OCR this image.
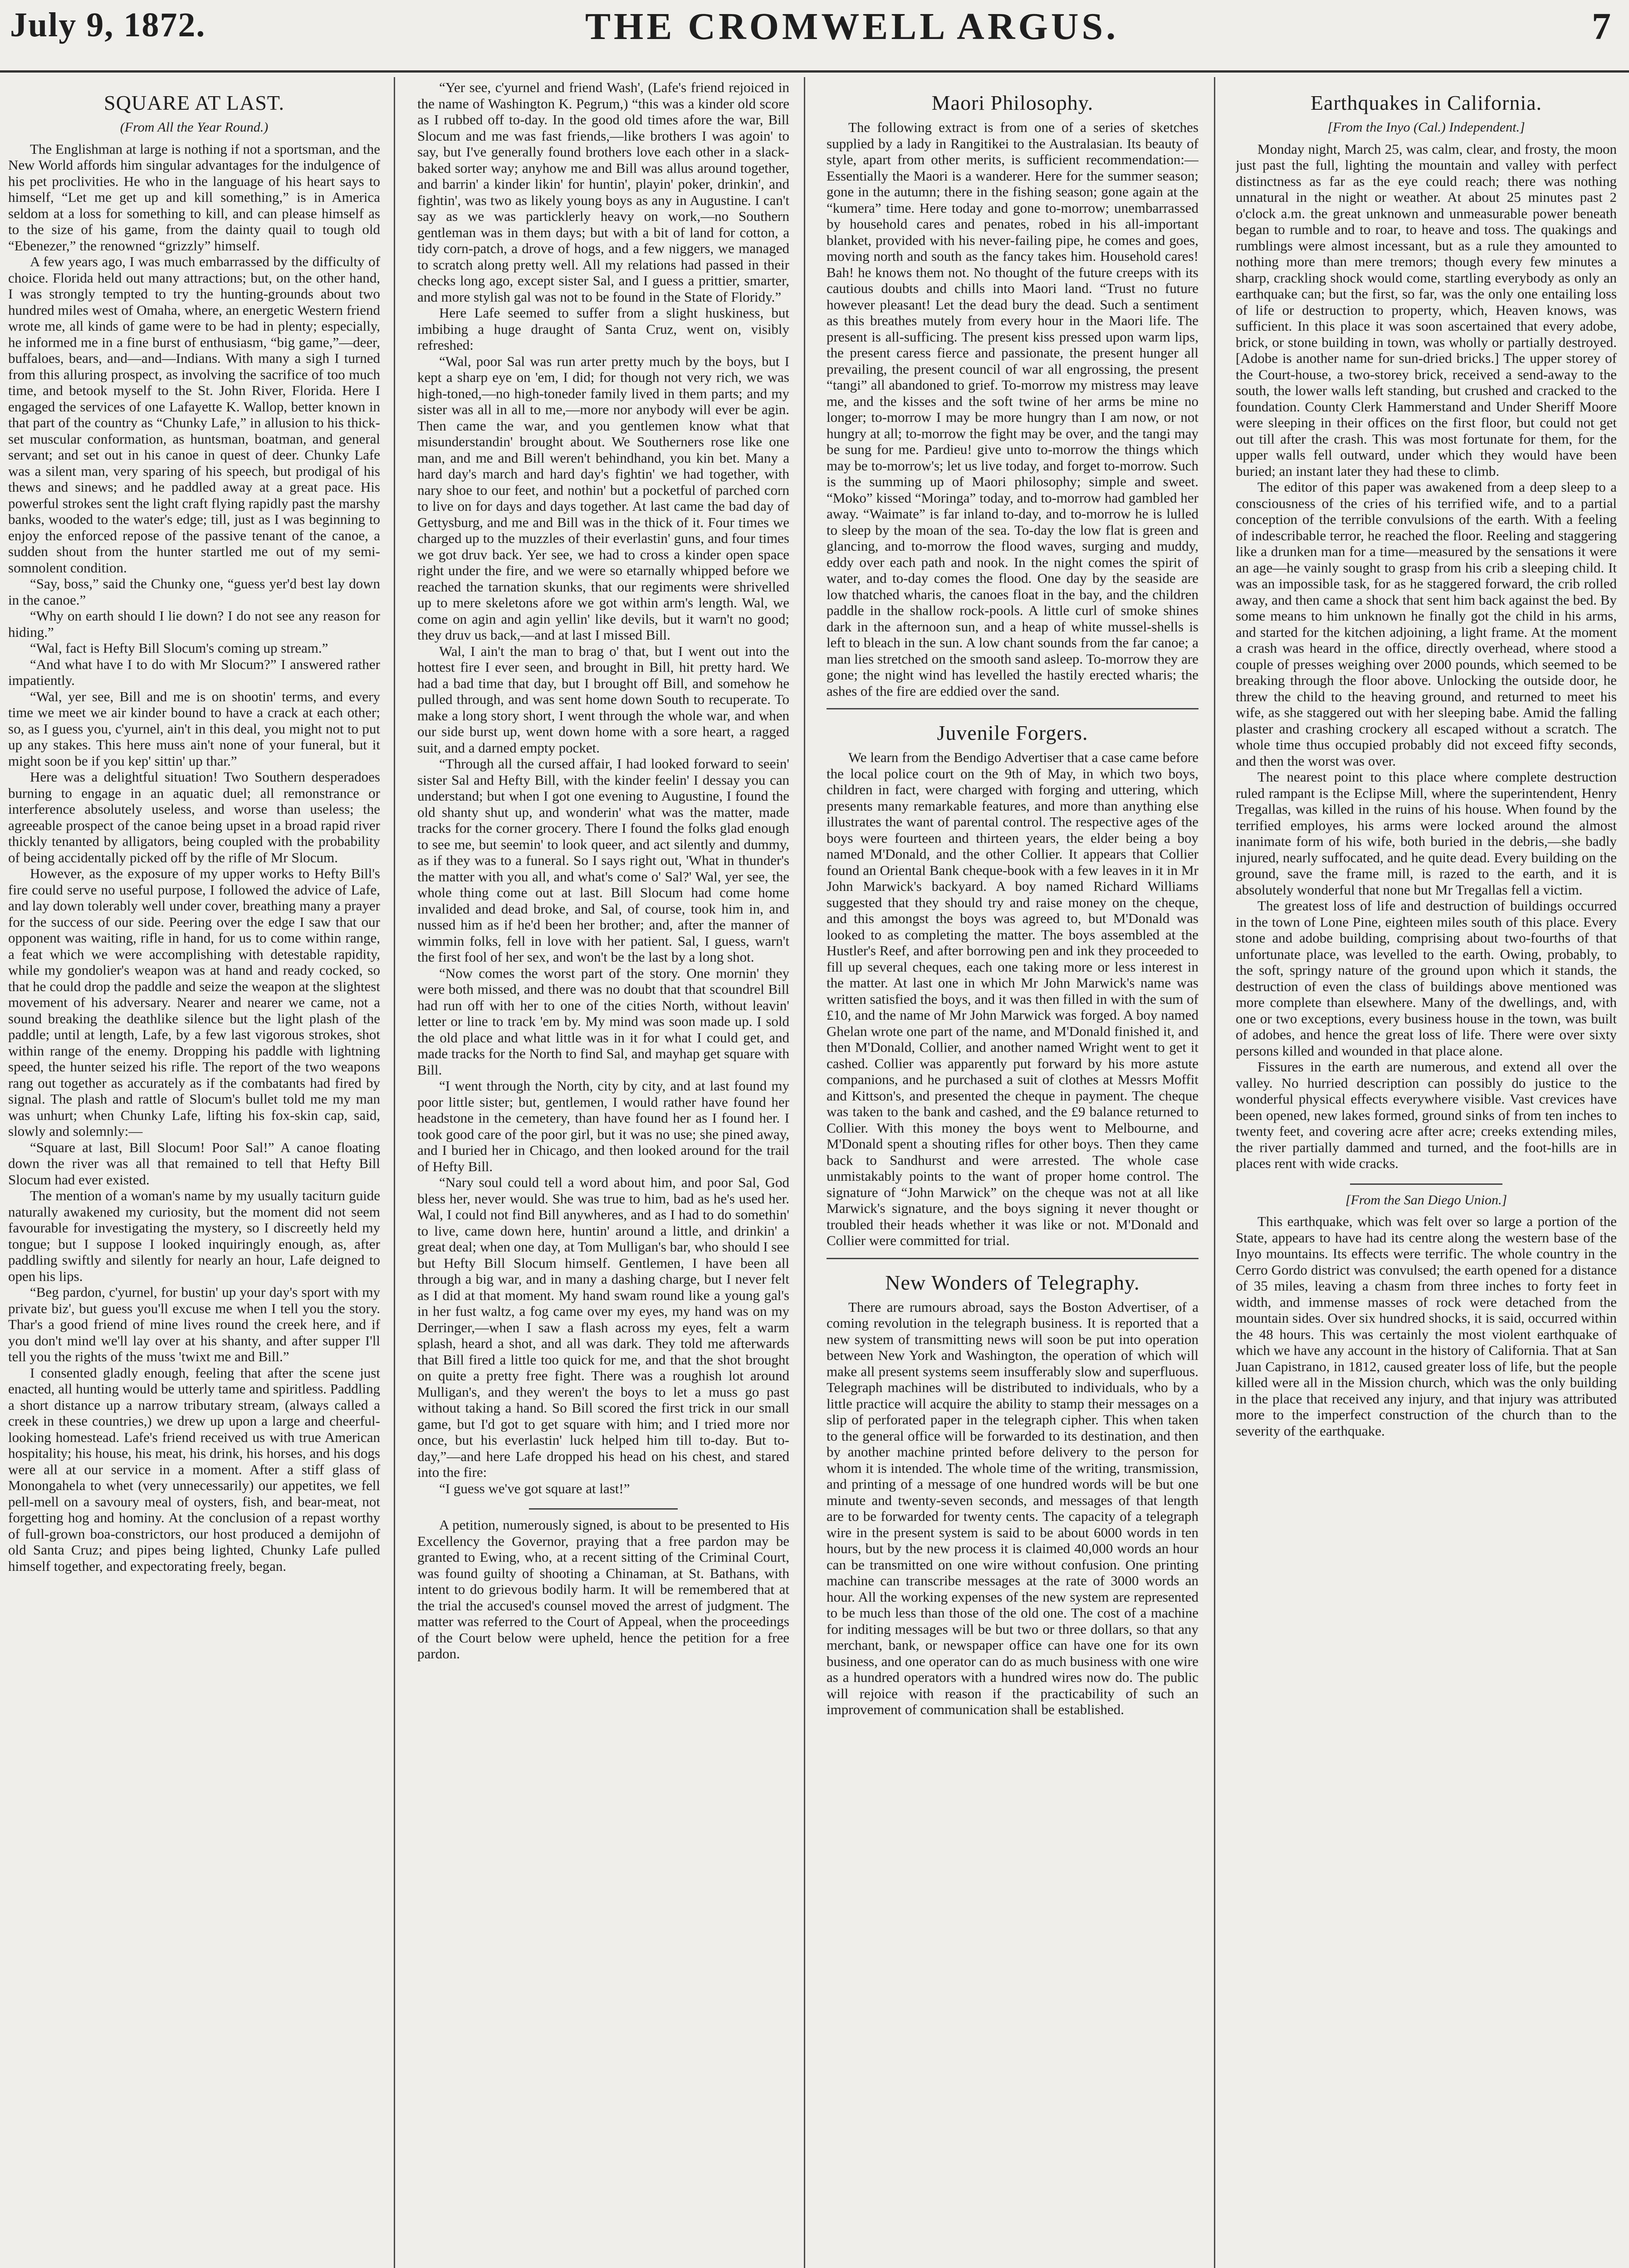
July 9, 1872.	THE CROMWELL ARGUS.	7
SQUARE AT LAST.
(From All the Year Round.)

The Englishman at large is nothing if not a sportsman, and the New World affords him singular advantages for the indulgence of his pet proclivities. He who in the language of his heart says to himself, “Let me get up and kill something,” is in America seldom at a loss for something to kill, and can please himself as to the size of his game, from the dainty quail to tough old “Ebenezer,” the renowned “grizzly” himself.

A few years ago, I was much embarrassed by the difficulty of choice. Florida held out many attractions; but, on the other hand, I was strongly tempted to try the hunting-grounds about two hundred miles west of Omaha, where, an energetic Western friend wrote me, all kinds of game were to be had in plenty; especially, he informed me in a fine burst of enthusiasm, “big game,”—deer, buffaloes, bears, and—and—Indians. With many a sigh I turned from this alluring prospect, as involving the sacrifice of too much time, and betook myself to the St. John River, Florida. Here I engaged the services of one Lafayette K. Wallop, better known in that part of the country as “Chunky Lafe,” in allusion to his thick-set muscular conformation, as huntsman, boatman, and general servant; and set out in his canoe in quest of deer. Chunky Lafe was a silent man, very sparing of his speech, but prodigal of his thews and sinews; and he paddled away at a great pace. His powerful strokes sent the light craft flying rapidly past the marshy banks, wooded to the water's edge; till, just as I was beginning to enjoy the enforced repose of the passive tenant of the canoe, a sudden shout from the hunter startled me out of my semi-somnolent condition.

“Say, boss,” said the Chunky one, “guess yer'd best lay down in the canoe.”

“Why on earth should I lie down? I do not see any reason for hiding.”

“Wal, fact is Hefty Bill Slocum's coming up stream.”

“And what have I to do with Mr Slocum?” I answered rather impatiently.

“Wal, yer see, Bill and me is on shootin' terms, and every time we meet we air kinder bound to have a crack at each other; so, as I guess you, c'yurnel, ain't in this deal, you might not to put up any stakes. This here muss ain't none of your funeral, but it might soon be if you kep' sittin' up thar.”

Here was a delightful situation! Two Southern desperadoes burning to engage in an aquatic duel; all remonstrance or interference absolutely useless, and worse than useless; the agreeable prospect of the canoe being upset in a broad rapid river thickly tenanted by alligators, being coupled with the probability of being accidentally picked off by the rifle of Mr Slocum.

However, as the exposure of my upper works to Hefty Bill's fire could serve no useful purpose, I followed the advice of Lafe, and lay down tolerably well under cover, breathing many a prayer for the success of our side. Peering over the edge I saw that our opponent was waiting, rifle in hand, for us to come within range, a feat which we were accomplishing with detestable rapidity, while my gondolier's weapon was at hand and ready cocked, so that he could drop the paddle and seize the weapon at the slightest movement of his adversary. Nearer and nearer we came, not a sound breaking the deathlike silence but the light plash of the paddle; until at length, Lafe, by a few last vigorous strokes, shot within range of the enemy. Dropping his paddle with lightning speed, the hunter seized his rifle. The report of the two weapons rang out together as accurately as if the combatants had fired by signal. The plash and rattle of Slocum's bullet told me my man was unhurt; when Chunky Lafe, lifting his fox-skin cap, said, slowly and solemnly:—

“Square at last, Bill Slocum! Poor Sal!” A canoe floating down the river was all that remained to tell that Hefty Bill Slocum had ever existed.

The mention of a woman's name by my usually taciturn guide naturally awakened my curiosity, but the moment did not seem favourable for investigating the mystery, so I discreetly held my tongue; but I suppose I looked inquiringly enough, as, after paddling swiftly and silently for nearly an hour, Lafe deigned to open his lips.

“Beg pardon, c'yurnel, for bustin' up your day's sport with my private biz', but guess you'll excuse me when I tell you the story. Thar's a good friend of mine lives round the creek here, and if you don't mind we'll lay over at his shanty, and after supper I'll tell you the rights of the muss 'twixt me and Bill.”

I consented gladly enough, feeling that after the scene just enacted, all hunting would be utterly tame and spiritless. Paddling a short distance up a narrow tributary stream, (always called a creek in these countries,) we drew up upon a large and cheerful-looking homestead. Lafe's friend received us with true American hospitality; his house, his meat, his drink, his horses, and his dogs were all at our service in a moment. After a stiff glass of Monongahela to whet (very unnecessarily) our appetites, we fell pell-mell on a savoury meal of oysters, fish, and bear-meat, not forgetting hog and hominy. At the conclusion of a repast worthy of full-grown boa-constrictors, our host produced a demijohn of old Santa Cruz; and pipes being lighted, Chunky Lafe pulled himself together, and expectorating freely, began.

“Yer see, c'yurnel and friend Wash', (Lafe's friend rejoiced in the name of Washington K. Pegrum,) “this was a kinder old score as I rubbed off to-day. In the good old times afore the war, Bill Slocum and me was fast friends,—like brothers I was agoin' to say, but I've generally found brothers love each other in a slack-baked sorter way; anyhow me and Bill was allus around together, and barrin' a kinder likin' for huntin', playin' poker, drinkin', and fightin', was two as likely young boys as any in Augustine. I can't say as we was particklerly heavy on work,—no Southern gentleman was in them days; but with a bit of land for cotton, a tidy corn-patch, a drove of hogs, and a few niggers, we managed to scratch along pretty well. All my relations had passed in their checks long ago, except sister Sal, and I guess a prittier, smarter, and more stylish gal was not to be found in the State of Floridy.”

Here Lafe seemed to suffer from a slight huskiness, but imbibing a huge draught of Santa Cruz, went on, visibly refreshed:

“Wal, poor Sal was run arter pretty much by the boys, but I kept a sharp eye on 'em, I did; for though not very rich, we was high-toned,—no high-toneder family lived in them parts; and my sister was all in all to me,—more nor anybody will ever be agin. Then came the war, and you gentlemen know what that misunderstandin' brought about. We Southerners rose like one man, and me and Bill weren't behindhand, you kin bet. Many a hard day's march and hard day's fightin' we had together, with nary shoe to our feet, and nothin' but a pocketful of parched corn to live on for days and days together. At last came the bad day of Gettysburg, and me and Bill was in the thick of it. Four times we charged up to the muzzles of their everlastin' guns, and four times we got druv back. Yer see, we had to cross a kinder open space right under the fire, and we were so etarnally whipped before we reached the tarnation skunks, that our regiments were shrivelled up to mere skeletons afore we got within arm's length. Wal, we come on agin and agin yellin' like devils, but it warn't no good; they druv us back,—and at last I missed Bill.

Wal, I ain't the man to brag o' that, but I went out into the hottest fire I ever seen, and brought in Bill, hit pretty hard. We had a bad time that day, but I brought off Bill, and somehow he pulled through, and was sent home down South to recuperate. To make a long story short, I went through the whole war, and when our side burst up, went down home with a sore heart, a ragged suit, and a darned empty pocket.

“Through all the cursed affair, I had looked forward to seein' sister Sal and Hefty Bill, with the kinder feelin' I dessay you can understand; but when I got one evening to Augustine, I found the old shanty shut up, and wonderin' what was the matter, made tracks for the corner grocery. There I found the folks glad enough to see me, but seemin' to look queer, and act silently and dummy, as if they was to a funeral. So I says right out, 'What in thunder's the matter with you all, and what's come o' Sal?' Wal, yer see, the whole thing come out at last. Bill Slocum had come home invalided and dead broke, and Sal, of course, took him in, and nussed him as if he'd been her brother; and, after the manner of wimmin folks, fell in love with her patient. Sal, I guess, warn't the first fool of her sex, and won't be the last by a long shot.

“Now comes the worst part of the story. One mornin' they were both missed, and there was no doubt that that scoundrel Bill had run off with her to one of the cities North, without leavin' letter or line to track 'em by. My mind was soon made up. I sold the old place and what little was in it for what I could get, and made tracks for the North to find Sal, and mayhap get square with Bill.

“I went through the North, city by city, and at last found my poor little sister; but, gentlemen, I would rather have found her headstone in the cemetery, than have found her as I found her. I took good care of the poor girl, but it was no use; she pined away, and I buried her in Chicago, and then looked around for the trail of Hefty Bill.

“Nary soul could tell a word about him, and poor Sal, God bless her, never would. She was true to him, bad as he's used her. Wal, I could not find Bill anywheres, and as I had to do somethin' to live, came down here, huntin' around a little, and drinkin' a great deal; when one day, at Tom Mulligan's bar, who should I see but Hefty Bill Slocum himself. Gentlemen, I have been all through a big war, and in many a dashing charge, but I never felt as I did at that moment. My hand swam round like a young gal's in her fust waltz, a fog came over my eyes, my hand was on my Derringer,—when I saw a flash across my eyes, felt a warm splash, heard a shot, and all was dark. They told me afterwards that Bill fired a little too quick for me, and that the shot brought on quite a pretty free fight. There was a roughish lot around Mulligan's, and they weren't the boys to let a muss go past without taking a hand. So Bill scored the first trick in our small game, but I'd got to get square with him; and I tried more nor once, but his everlastin' luck helped him till to-day. But to-day,”—and here Lafe dropped his head on his chest, and stared into the fire:

“I guess we've got square at last!”

A petition, numerously signed, is about to be presented to His Excellency the Governor, praying that a free pardon may be granted to Ewing, who, at a recent sitting of the Criminal Court, was found guilty of shooting a Chinaman, at St. Bathans, with intent to do grievous bodily harm. It will be remembered that at the trial the accused's counsel moved the arrest of judgment. The matter was referred to the Court of Appeal, when the proceedings of the Court below were upheld, hence the petition for a free pardon.

Maori Philosophy.

The following extract is from one of a series of sketches supplied by a lady in Rangitikei to the Australasian. Its beauty of style, apart from other merits, is sufficient recommendation:—Essentially the Maori is a wanderer. Here for the summer season; gone in the autumn; there in the fishing season; gone again at the “kumera” time. Here today and gone to-morrow; unembarrassed by household cares and penates, robed in his all-important blanket, provided with his never-failing pipe, he comes and goes, moving north and south as the fancy takes him. Household cares! Bah! he knows them not. No thought of the future creeps with its cautious doubts and chills into Maori land. “Trust no future however pleasant! Let the dead bury the dead. Such a sentiment as this breathes mutely from every hour in the Maori life. The present is all-sufficing. The present kiss pressed upon warm lips, the present caress fierce and passionate, the present hunger all prevailing, the present council of war all engrossing, the present “tangi” all abandoned to grief. To-morrow my mistress may leave me, and the kisses and the soft twine of her arms be mine no longer; to-morrow I may be more hungry than I am now, or not hungry at all; to-morrow the fight may be over, and the tangi may be sung for me. Pardieu! give unto to-morrow the things which may be to-morrow's; let us live today, and forget to-morrow. Such is the summing up of Maori philosophy; simple and sweet. “Moko” kissed “Moringa” today, and to-morrow had gambled her away. “Waimate” is far inland to-day, and to-morrow he is lulled to sleep by the moan of the sea. To-day the low flat is green and glancing, and to-morrow the flood waves, surging and muddy, eddy over each path and nook. In the night comes the spirit of water, and to-day comes the flood. One day by the seaside are low thatched wharis, the canoes float in the bay, and the children paddle in the shallow rock-pools. A little curl of smoke shines dark in the afternoon sun, and a heap of white mussel-shells is left to bleach in the sun. A low chant sounds from the far canoe; a man lies stretched on the smooth sand asleep. To-morrow they are gone; the night wind has levelled the hastily erected wharis; the ashes of the fire are eddied over the sand.

Juvenile Forgers.

We learn from the Bendigo Advertiser that a case came before the local police court on the 9th of May, in which two boys, children in fact, were charged with forging and uttering, which presents many remarkable features, and more than anything else illustrates the want of parental control. The respective ages of the boys were fourteen and thirteen years, the elder being a boy named M'Donald, and the other Collier. It appears that Collier found an Oriental Bank cheque-book with a few leaves in it in Mr John Marwick's backyard. A boy named Richard Williams suggested that they should try and raise money on the cheque, and this amongst the boys was agreed to, but M'Donald was looked to as completing the matter. The boys assembled at the Hustler's Reef, and after borrowing pen and ink they proceeded to fill up several cheques, each one taking more or less interest in the matter. At last one in which Mr John Marwick's name was written satisfied the boys, and it was then filled in with the sum of £10, and the name of Mr John Marwick was forged. A boy named Ghelan wrote one part of the name, and M'Donald finished it, and then M'Donald, Collier, and another named Wright went to get it cashed. Collier was apparently put forward by his more astute companions, and he purchased a suit of clothes at Messrs Moffit and Kittson's, and presented the cheque in payment. The cheque was taken to the bank and cashed, and the £9 balance returned to Collier. With this money the boys went to Melbourne, and M'Donald spent a shouting rifles for other boys. Then they came back to Sandhurst and were arrested. The whole case unmistakably points to the want of proper home control. The signature of “John Marwick” on the cheque was not at all like Marwick's signature, and the boys signing it never thought or troubled their heads whether it was like or not. M'Donald and Collier were committed for trial.

New Wonders of Telegraphy.

There are rumours abroad, says the Boston Advertiser, of a coming revolution in the telegraph business. It is reported that a new system of transmitting news will soon be put into operation between New York and Washington, the operation of which will make all present systems seem insufferably slow and superfluous. Telegraph machines will be distributed to individuals, who by a little practice will acquire the ability to stamp their messages on a slip of perforated paper in the telegraph cipher. This when taken to the general office will be forwarded to its destination, and then by another machine printed before delivery to the person for whom it is intended. The whole time of the writing, transmission, and printing of a message of one hundred words will be but one minute and twenty-seven seconds, and messages of that length are to be forwarded for twenty cents. The capacity of a telegraph wire in the present system is said to be about 6000 words in ten hours, but by the new process it is claimed 40,000 words an hour can be transmitted on one wire without confusion. One printing machine can transcribe messages at the rate of 3000 words an hour. All the working expenses of the new system are represented to be much less than those of the old one. The cost of a machine for inditing messages will be but two or three dollars, so that any merchant, bank, or newspaper office can have one for its own business, and one operator can do as much business with one wire as a hundred operators with a hundred wires now do. The public will rejoice with reason if the practicability of such an improvement of communication shall be established.

Earthquakes in California.
[From the Inyo (Cal.) Independent.]

Monday night, March 25, was calm, clear, and frosty, the moon just past the full, lighting the mountain and valley with perfect distinctness as far as the eye could reach; there was nothing unnatural in the night or weather. At about 25 minutes past 2 o'clock a.m. the great unknown and unmeasurable power beneath began to rumble and to roar, to heave and toss. The quakings and rumblings were almost incessant, but as a rule they amounted to nothing more than mere tremors; though every few minutes a sharp, crackling shock would come, startling everybody as only an earthquake can; but the first, so far, was the only one entailing loss of life or destruction to property, which, Heaven knows, was sufficient. In this place it was soon ascertained that every adobe, brick, or stone building in town, was wholly or partially destroyed. [Adobe is another name for sun-dried bricks.] The upper storey of the Court-house, a two-storey brick, received a send-away to the south, the lower walls left standing, but crushed and cracked to the foundation. County Clerk Hammerstand and Under Sheriff Moore were sleeping in their offices on the first floor, but could not get out till after the crash. This was most fortunate for them, for the upper walls fell outward, under which they would have been buried; an instant later they had these to climb.

The editor of this paper was awakened from a deep sleep to a consciousness of the cries of his terrified wife, and to a partial conception of the terrible convulsions of the earth. With a feeling of indescribable terror, he reached the floor. Reeling and staggering like a drunken man for a time—measured by the sensations it were an age—he vainly sought to grasp from his crib a sleeping child. It was an impossible task, for as he staggered forward, the crib rolled away, and then came a shock that sent him back against the bed. By some means to him unknown he finally got the child in his arms, and started for the kitchen adjoining, a light frame. At the moment a crash was heard in the office, directly overhead, where stood a couple of presses weighing over 2000 pounds, which seemed to be breaking through the floor above. Unlocking the outside door, he threw the child to the heaving ground, and returned to meet his wife, as she staggered out with her sleeping babe. Amid the falling plaster and crashing crockery all escaped without a scratch. The whole time thus occupied probably did not exceed fifty seconds, and then the worst was over.

The nearest point to this place where complete destruction ruled rampant is the Eclipse Mill, where the superintendent, Henry Tregallas, was killed in the ruins of his house. When found by the terrified employes, his arms were locked around the almost inanimate form of his wife, both buried in the debris,—she badly injured, nearly suffocated, and he quite dead. Every building on the ground, save the frame mill, is razed to the earth, and it is absolutely wonderful that none but Mr Tregallas fell a victim.

The greatest loss of life and destruction of buildings occurred in the town of Lone Pine, eighteen miles south of this place. Every stone and adobe building, comprising about two-fourths of that unfortunate place, was levelled to the earth. Owing, probably, to the soft, springy nature of the ground upon which it stands, the destruction of even the class of buildings above mentioned was more complete than elsewhere. Many of the dwellings, and, with one or two exceptions, every business house in the town, was built of adobes, and hence the great loss of life. There were over sixty persons killed and wounded in that place alone.

Fissures in the earth are numerous, and extend all over the valley. No hurried description can possibly do justice to the wonderful physical effects everywhere visible. Vast crevices have been opened, new lakes formed, ground sinks of from ten inches to twenty feet, and covering acre after acre; creeks extending miles, the river partially dammed and turned, and the foot-hills are in places rent with wide cracks.

[From the San Diego Union.]

This earthquake, which was felt over so large a portion of the State, appears to have had its centre along the western base of the Inyo mountains. Its effects were terrific. The whole country in the Cerro Gordo district was convulsed; the earth opened for a distance of 35 miles, leaving a chasm from three inches to forty feet in width, and immense masses of rock were detached from the mountain sides. Over six hundred shocks, it is said, occurred within the 48 hours. This was certainly the most violent earthquake of which we have any account in the history of California. That at San Juan Capistrano, in 1812, caused greater loss of life, but the people killed were all in the Mission church, which was the only building in the place that received any injury, and that injury was attributed more to the imperfect construction of the church than to the severity of the earthquake.
